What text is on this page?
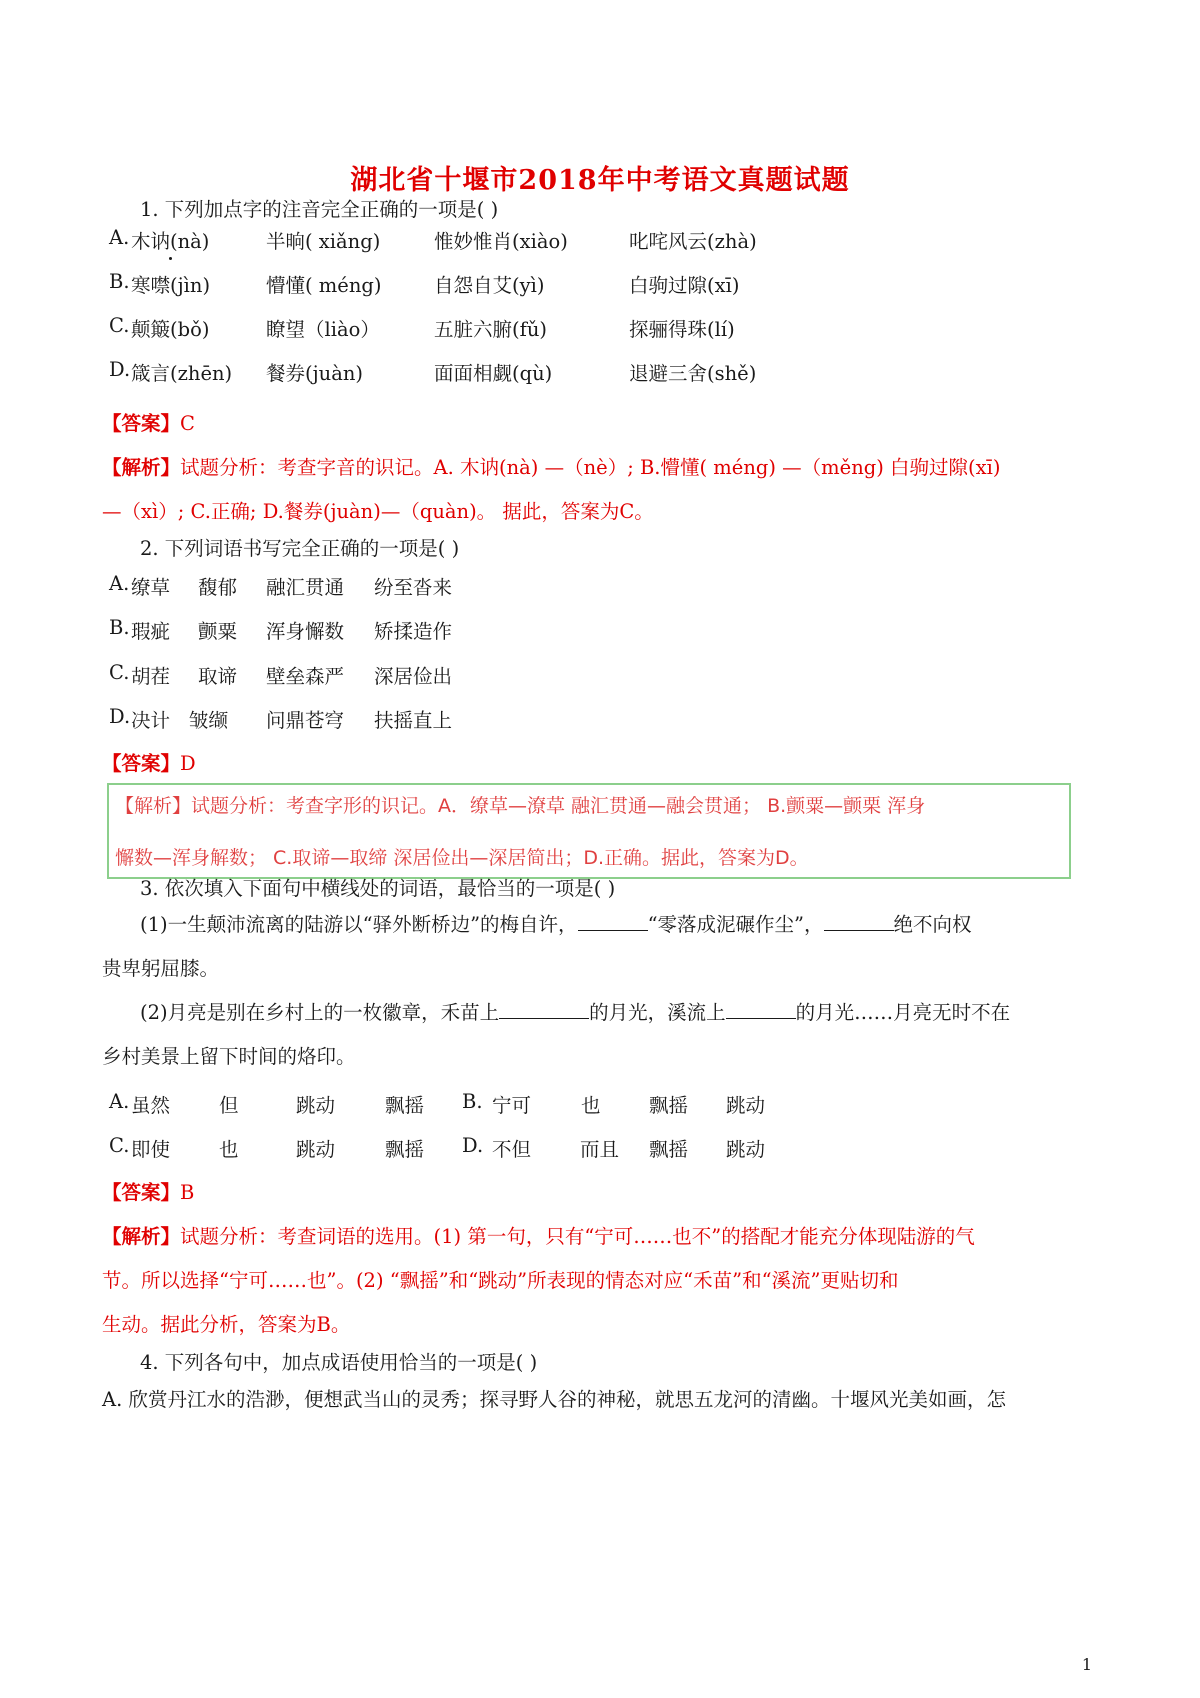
湖北省十堰市2018年中考语文真题试题
1. 下列加点字的注音完全正确的一项是( )
A. 木讷(nà)	半晌( xiǎng)	惟妙惟肖(xiào)	叱咤风云(zhà)
B. 寒噤(jìn)	懵懂( méng)	自怨自艾(yì)	白驹过隙(xī)
C. 颠簸(bǒ)	瞭望（liào）	五脏六腑(fǔ)	探骊得珠(lí)
D. 箴言(zhēn) 餐券(juàn)	面面相觑(qù)	退避三舍(shě)
【答案】C
【解析】试题分析：考查字音的识记。A. 木讷(nà) —（nè）; B.懵懂( méng) —（měng) 白驹过隙(xī)
—（xì）; C.正确; D.餐券(juàn)—（quàn)。 据此，答案为C。
2. 下列词语书写完全正确的一项是( )
A. 缭草 馥郁 融汇贯通 纷至沓来
B. 瑕疵 颤粟 浑身懈数 矫揉造作
C. 胡茬 取谛 壁垒森严 深居俭出
D. 决计 皱缬 问鼎苍穹 扶摇直上
【答案】D
【解析】试题分析：考查字形的识记。A．缭草—潦草 融汇贯通—融会贯通； B.颤粟—颤栗 浑身
懈数—浑身解数； C.取谛—取缔 深居俭出—深居简出；D.正确。据此，答案为D。
3. 依次填入下面句中横线处的词语，最恰当的一项是( )
(1)一生颠沛流离的陆游以“驿外断桥边”的梅自许，	“零落成泥碾作尘”，	绝不向权
贵卑躬屈膝。
(2)月亮是别在乡村上的一枚徽章，禾苗上	的月光，溪流上	的月光……月亮无时不在
乡村美景上留下时间的烙印。
A. 虽然	但	跳动	飘摇 B. 宁可	也 飘摇 跳动
C. 即使	也	跳动	飘摇 D. 不但	而且 飘摇 跳动
【答案】B
【解析】试题分析：考查词语的选用。(1) 第一句，只有“宁可……也不”的搭配才能充分体现陆游的气
节。所以选择“宁可……也”。(2) “飘摇”和“跳动”所表现的情态对应“禾苗”和“溪流”更贴切和
生动。据此分析，答案为B。
4. 下列各句中，加点成语使用恰当的一项是( )
A. 欣赏丹江水的浩渺，便想武当山的灵秀；探寻野人谷的神秘，就思五龙河的清幽。十堰风光美如画，怎
1
